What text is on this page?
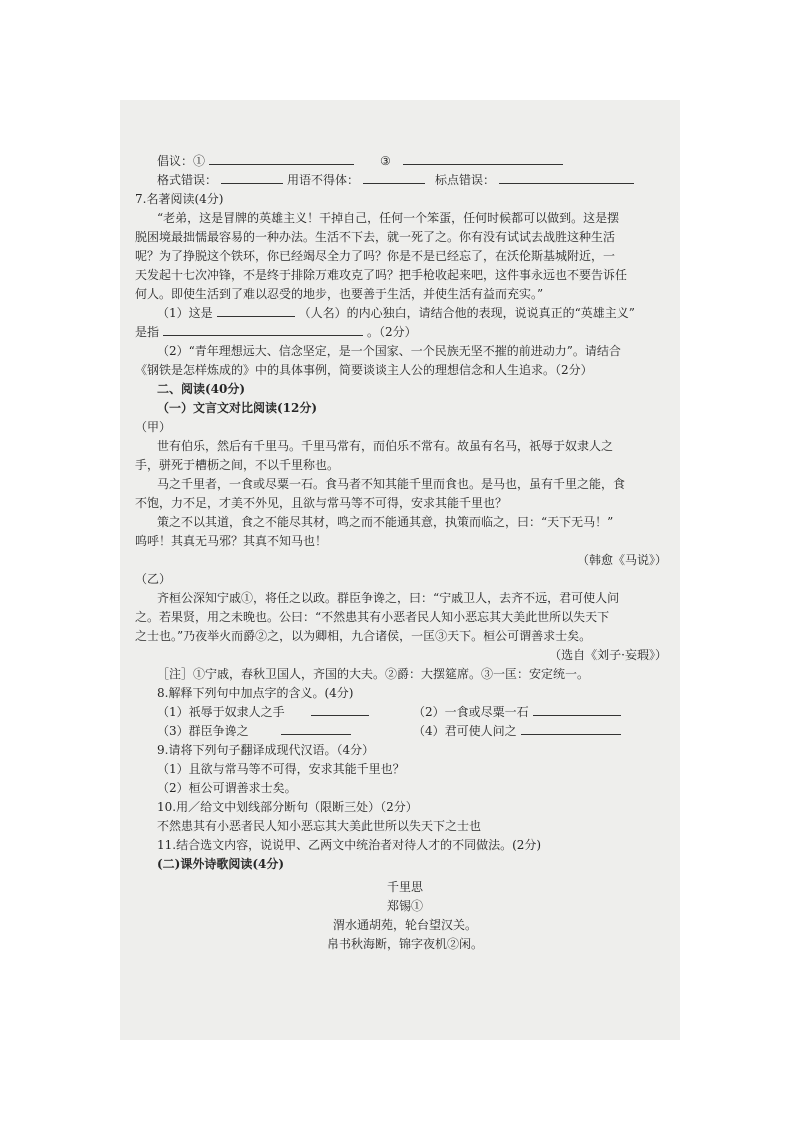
倡议：①	③
格式错误：	用语不得体：	标点错误：

7.名著阅读(4分)

“老弟，这是冒牌的英雄主义！干掉自己，任何一个笨蛋，任何时候都可以做到。这是摆

脱困境最拙懦最容易的一种办法。生活不下去，就一死了之。你有没有试试去战胜这种生活

呢？为了挣脱这个铁环，你已经竭尽全力了吗？你是不是已经忘了，在沃伦斯基城附近，一

天发起十七次冲锋，不是终于排除万难攻克了吗？把手枪收起来吧，这件事永远也不要告诉任

何人。即使生活到了难以忍受的地步，也要善于生活，并使生活有益而充实。”

（1）这是	（人名）的内心独白，请结合他的表现，说说真正的“英雄主义”
是指	。（2分）

（2）“青年理想远大、信念坚定，是一个国家、一个民族无坚不摧的前进动力”。请结合

《钢铁是怎样炼成的》中的具体事例，简要谈谈主人公的理想信念和人生追求。（2分）

二、阅读(40分)

（一）文言文对比阅读(12分)

（甲）

世有伯乐，然后有千里马。千里马常有，而伯乐不常有。故虽有名马，祇辱于奴隶人之

手，骈死于槽枥之间，不以千里称也。

马之千里者，一食或尽粟一石。食马者不知其能千里而食也。是马也，虽有千里之能，食

不饱，力不足，才美不外见，且欲与常马等不可得，安求其能千里也？

策之不以其道，食之不能尽其材，鸣之而不能通其意，执策而临之，曰：“天下无马！”

呜呼！其真无马邪？其真不知马也！

（韩愈《马说》）

（乙）

齐桓公深知宁戚①，将任之以政。群臣争谗之，曰：“宁戚卫人，去齐不远，君可使人问

之。若果贤，用之未晚也。公曰：“不然患其有小恶者民人知小恶忘其大美此世所以失天下

之士也。”乃夜举火而爵②之，以为卿相，九合诸侯，一匡③天下。桓公可谓善求士矣。

（选自《刘子·妄瑕》）

［注］①宁戚，春秋卫国人，齐国的大夫。②爵：大摆筵席。③一匡：安定统一。

8.解释下列句中加点字的含义。(4分)

（1）祇辱于奴隶人之手	（2）一食或尽粟一石
（3）群臣争谗之	（4）君可使人问之

9.请将下列句子翻译成现代汉语。（4分）

（1）且欲与常马等不可得，安求其能千里也？

（2）桓公可谓善求士矣。

10.用／给文中划线部分断句（限断三处）（2分）

不然患其有小恶者民人知小恶忘其大美此世所以失天下之士也

11.结合选文内容，说说甲、乙两文中统治者对待人才的不同做法。(2分)

(二)课外诗歌阅读(4分)

千里思

郑锡①

渭水通胡苑，轮台望汉关。

帛书秋海断，锦字夜机②闲。
